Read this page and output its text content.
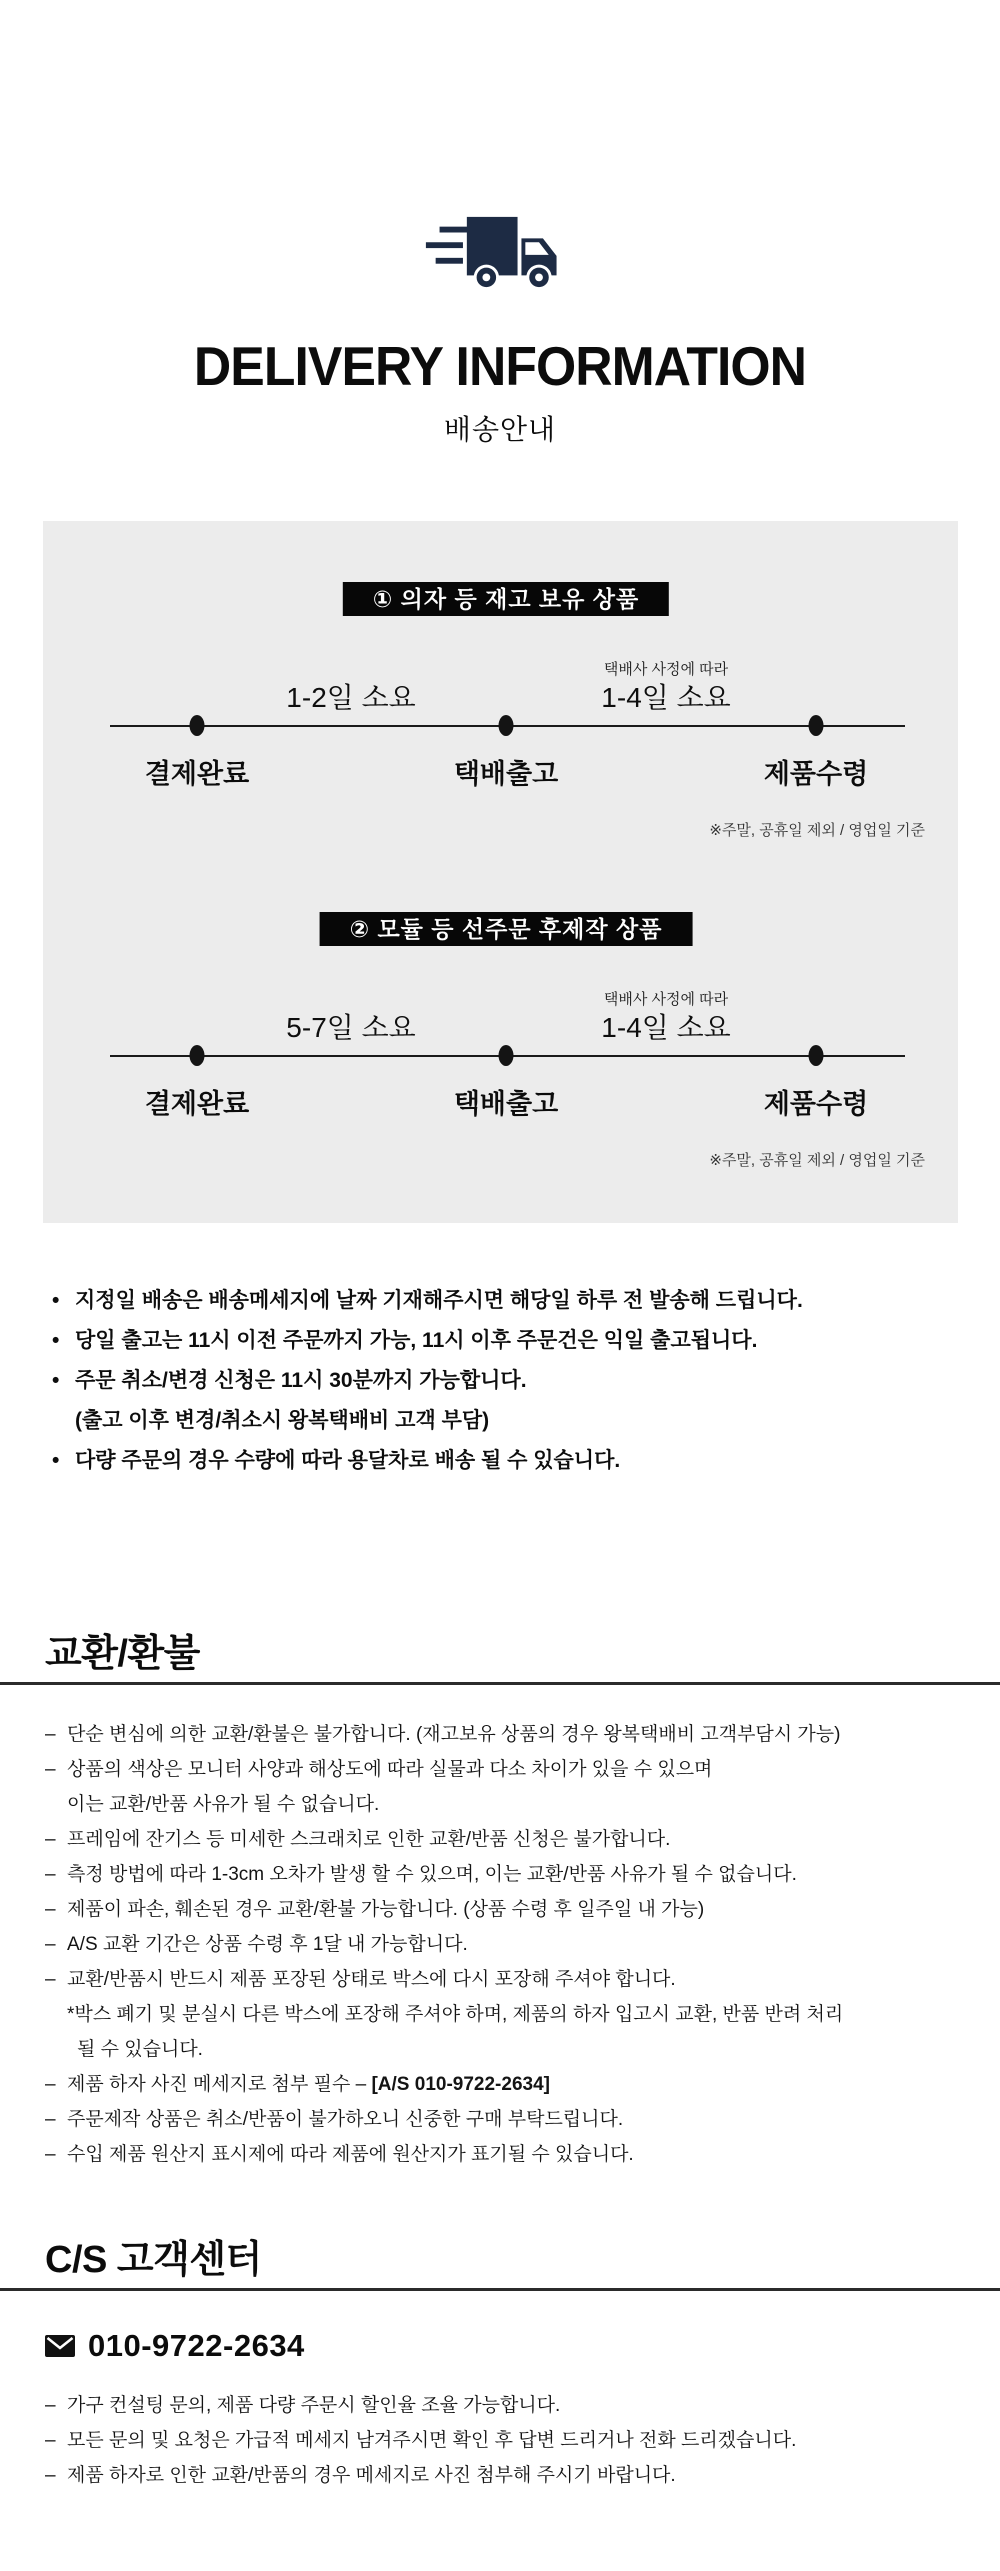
DELIVERY INFORMATION
배송안내
① 의자 등 재고 보유 상품
택배사 사정에 따라
1-2일 소요	1-4일 소요
결제완료	택배출고	제품수령
※주말, 공휴일 제외 / 영업일 기준
② 모듈 등 선주문 후제작 상품
택배사 사정에 따라
5-7일 소요	1-4일 소요
결제완료	택배출고	제품수령
※주말, 공휴일 제외 / 영업일 기준
• 지정일 배송은 배송메세지에 날짜 기재해주시면 해당일 하루 전 발송해 드립니다.
• 당일 출고는 11시 이전 주문까지 가능, 11시 이후 주문건은 익일 출고됩니다.
• 주문 취소/변경 신청은 11시 30분까지 가능합니다.
(출고 이후 변경/취소시 왕복택배비 고객 부담)
• 다량 주문의 경우 수량에 따라 용달차로 배송 될 수 있습니다.
교환/환불
– 단순 변심에 의한 교환/환불은 불가합니다. (재고보유 상품의 경우 왕복택배비 고객부담시 가능)
– 상품의 색상은 모니터 사양과 해상도에 따라 실물과 다소 차이가 있을 수 있으며
이는 교환/반품 사유가 될 수 없습니다.
– 프레임에 잔기스 등 미세한 스크래치로 인한 교환/반품 신청은 불가합니다.
– 측정 방법에 따라 1-3cm 오차가 발생 할 수 있으며, 이는 교환/반품 사유가 될 수 없습니다.
– 제품이 파손, 훼손된 경우 교환/환불 가능합니다. (상품 수령 후 일주일 내 가능)
– A/S 교환 기간은 상품 수령 후 1달 내 가능합니다.
– 교환/반품시 반드시 제품 포장된 상태로 박스에 다시 포장해 주셔야 합니다.
*박스 폐기 및 분실시 다른 박스에 포장해 주셔야 하며, 제품의 하자 입고시 교환, 반품 반려 처리
될 수 있습니다.
– 제품 하자 사진 메세지로 첨부 필수 – [A/S 010-9722-2634]
– 주문제작 상품은 취소/반품이 불가하오니 신중한 구매 부탁드립니다.
– 수입 제품 원산지 표시제에 따라 제품에 원산지가 표기될 수 있습니다.
C/S 고객센터
010-9722-2634
– 가구 컨설팅 문의, 제품 다량 주문시 할인율 조율 가능합니다.
– 모든 문의 및 요청은 가급적 메세지 남겨주시면 확인 후 답변 드리거나 전화 드리겠습니다.
– 제품 하자로 인한 교환/반품의 경우 메세지로 사진 첨부해 주시기 바랍니다.
